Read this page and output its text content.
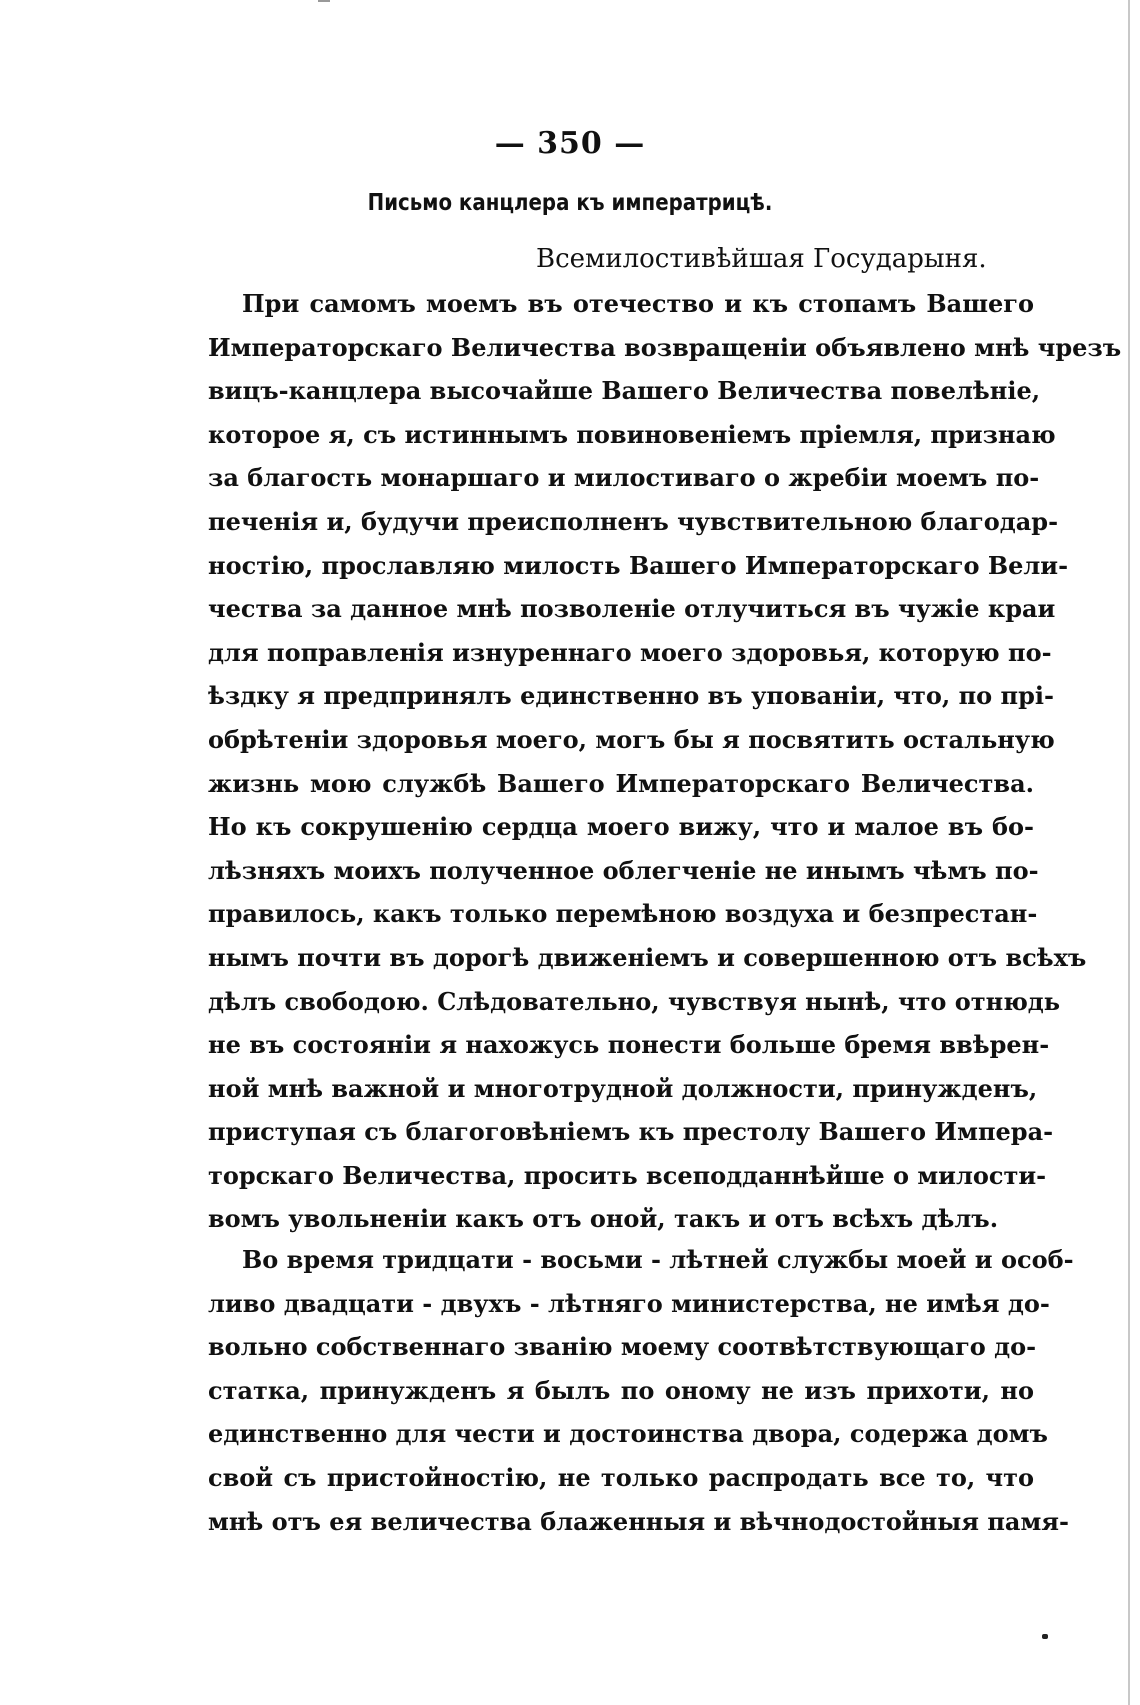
— 350 —
Письмо канцлера къ императрицѣ.
Всемилостивѣйшая Государыня.
При самомъ моемъ въ отечество и къ стопамъ Вашего
Императорскаго Величества возвращеніи объявлено мнѣ чрезъ
вицъ-канцлера высочайше Вашего Величества повелѣніе,
которое я, съ истиннымъ повиновеніемъ пріемля, признаю
за благость монаршаго и милостиваго о жребіи моемъ по-
печенія и, будучи преисполненъ чувствительною благодар-
ностію, прославляю милость Вашего Императорскаго Вели-
чества за данное мнѣ позволеніе отлучиться въ чужіе краи
для поправленія изнуреннаго моего здоровья, которую по-
ѣздку я предпринялъ единственно въ упованіи, что, по прі-
обрѣтеніи здоровья моего, могъ бы я посвятить остальную
жизнь мою службѣ Вашего Императорскаго Величества.
Но къ сокрушенію сердца моего вижу, что и малое въ бо-
лѣзняхъ моихъ полученное облегченіе не инымъ чѣмъ по-
правилось, какъ только перемѣною воздуха и безпрестан-
нымъ почти въ дорогѣ движеніемъ и совершенною отъ всѣхъ
дѣлъ свободою. Слѣдовательно, чувствуя нынѣ, что отнюдь
не въ состояніи я нахожусь понести больше бремя ввѣрен-
ной мнѣ важной и многотрудной должности, принужденъ,
приступая съ благоговѣніемъ къ престолу Вашего Импера-
торскаго Величества, просить всеподданнѣйше о милости-
вомъ увольненіи какъ отъ оной, такъ и отъ всѣхъ дѣлъ.
Во время тридцати - восьми - лѣтней службы моей и особ-
ливо двадцати - двухъ - лѣтняго министерства, не имѣя до-
вольно собственнаго званію моему соотвѣтствующаго до-
статка, принужденъ я былъ по оному не изъ прихоти, но
единственно для чести и достоинства двора, содержа домъ
свой съ пристойностію, не только распродать все то, что
мнѣ отъ ея величества блаженныя и вѣчнодостойныя памя-
